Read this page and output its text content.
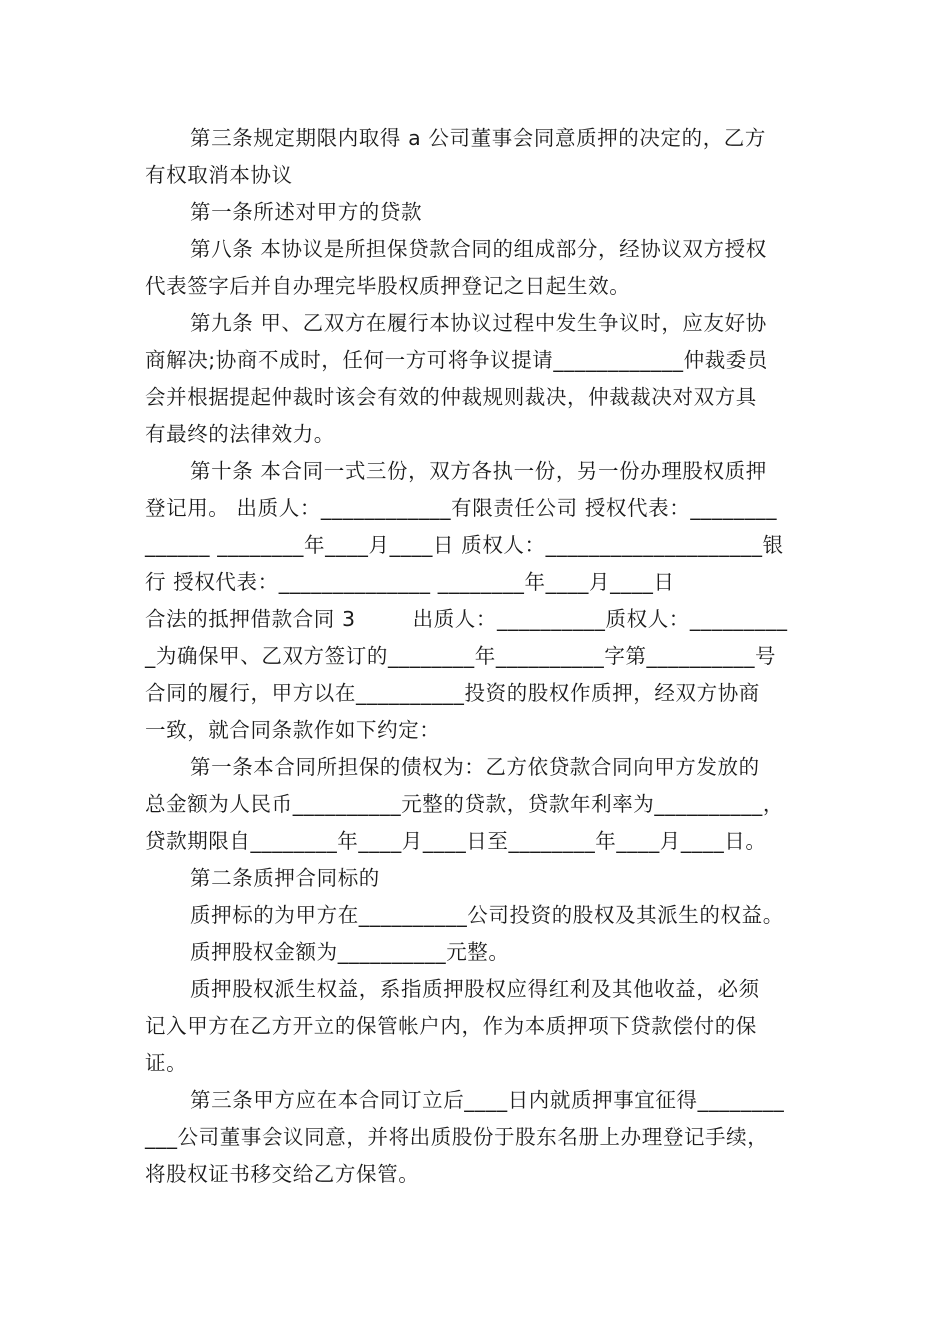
第三条规定期限内取得 a 公司董事会同意质押的决定的，乙方
有权取消本协议
第一条所述对甲方的贷款
第八条 本协议是所担保贷款合同的组成部分，经协议双方授权
代表签字后并自办理完毕股权质押登记之日起生效。
第九条 甲、乙双方在履行本协议过程中发生争议时，应友好协
商解决;协商不成时，任何一方可将争议提请____________仲裁委员
会并根据提起仲裁时该会有效的仲裁规则裁决，仲裁裁决对双方具
有最终的法律效力。
第十条 本合同一式三份，双方各执一份，另一份办理股权质押
登记用。 出质人：____________有限责任公司 授权代表：________
______ ________年____月____日 质权人：____________________银
行 授权代表：______________ ________年____月____日
合法的抵押借款合同 3        出质人：__________质权人：_________
_为确保甲、乙双方签订的________年__________字第__________号
合同的履行，甲方以在__________投资的股权作质押，经双方协商
一致，就合同条款作如下约定：
第一条本合同所担保的债权为：乙方依贷款合同向甲方发放的
总金额为人民币__________元整的贷款，贷款年利率为__________，
贷款期限自________年____月____日至________年____月____日。
第二条质押合同标的
质押标的为甲方在__________公司投资的股权及其派生的权益。
质押股权金额为__________元整。
质押股权派生权益，系指质押股权应得红利及其他收益，必须
记入甲方在乙方开立的保管帐户内，作为本质押项下贷款偿付的保
证。
第三条甲方应在本合同订立后____日内就质押事宜征得________
___公司董事会议同意，并将出质股份于股东名册上办理登记手续，
将股权证书移交给乙方保管。
